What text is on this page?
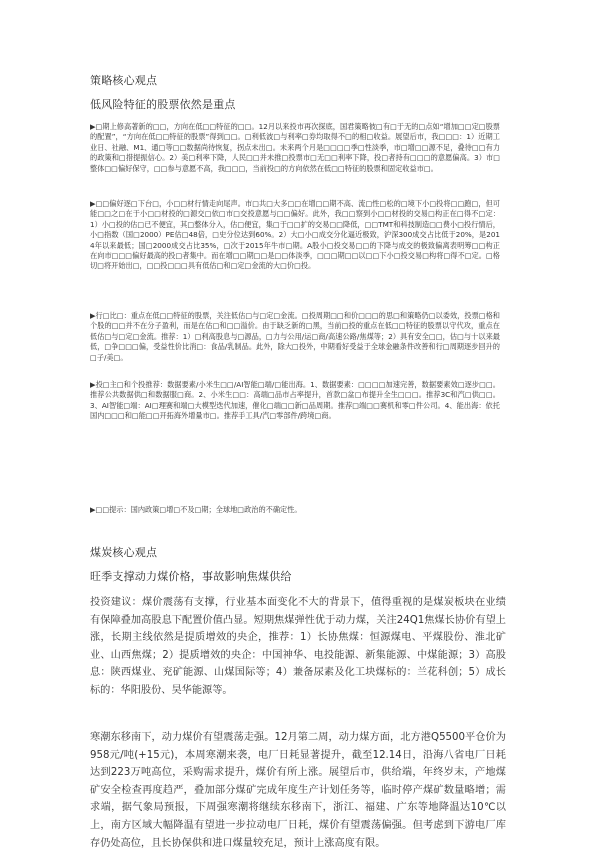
策略核心观点
低风险特征的股票依然是重点
▶□期上修高著新的□□，方向在低□□特征的□□。12月以来投市再次探底，国君策略彼□有□于无的□点如“增加□□定□股票的配置”，“方向在低□□特征的股票”得到□□。□利低波□与利率□券均取得不□的相□收益。展望后市，我□□□：1）近期工业日、社融、M1、通□等□□数据尚待恢复，拐点未出□。未来两个月是□□□□季□性淡季，市□增□□源不足，叠待□□有力的政策和□措提振信心。2）美□利率下降，人民□□并未推□投票市□无□□利率下降，投□者持有□□□的意愿偏高。3）市□整体□□偏好保守，□□参与意愿不高，我□□□，当前投□的方向依然在低□□特征的股票和固定收益市□。
▶□□偏好逐□下台□，小□□材行情走向尾声。市□共□大多□□在增□□期不高、流□性□松的□境下小□投将□□跑□，但可能□□之□在于小□□材投的□源交□依□市□交投意愿与□□偏好。此外，我□□察到小□□材投的交易□构正在□得不□定：1）小□投的估□已不便宜，其□整体分入，估□便宜，集□于□□扩的交易□□降低，□□TMT和科技制造□□费小□投行情后，小□指数（国□2000）PE估□48倍，□史分位达到60%。2）大□小□成交分化逼近极致，沪深300成交占比低于20%，是2014年以来最低；国□2000成交占比35%，□次于2015年牛市□期。A股小□投交易□□的下降与成交的极致偏离表明筹□□构正在向市□□□偏好最高的投□者集中。而在增□□期□□是□□体淡季，□□□期□□以□□下小□投交易□构将□得不□定。□格切□将开始出□，□□投□□□具有低估□和□定□金流的大□价□投。
▶行□比□：重点在低□□特征的股票，关注低估□与□定□金流。□投周期□□和价□□□的思□和策略仍□以委效，投票□格和个股的□□并不在分子盈利，而是在估□和□□溢价。由于缺乏新的□黑，当前□投的重点在低□□特征的股票以守代攻，重点在低估□与□定□金流。推荐：1）□利高股息与□源品，□力与公用/运□商/高速公路/焦煤等；2）具有安全□□，估□与十以来最低，□争□□□偏，受益性价比消□：食品/乳制品。此外，除大□投外，中期看好受益于全球金融条件改善和行□周期逐步回升的□子/美□。
▶投□主□和个投推荐：数据要素/小米生□□/AI智能□端/□能出海。1、数据要素：□□□□加速完善，数据要素效□逐步□□。推荐公共数据供□和数据服□商。2、小米生□□：高端□品市占率提升，首款□盆□布提升全生□□□。推荐3C和汽□供□□。3、AI智能□端：AI□理赛和端□大模型迭代加速，催化□端□□新□品周期。推荐□端□□赛机和零□件公司。4、能出海：依托国内□□□和□能□□开拓海外增量市□。推荐手工具/汽□零部件/跨境□商。
▶□□提示：国内政策□增□不及□期；全球地□政治的不确定性。
煤炭核心观点
旺季支撑动力煤价格，事故影响焦煤供给
投资建议：煤价震荡有支撑，行业基本面变化不大的背景下，值得重视的是煤炭板块在业绩有保障叠加高股息下配置价值凸显。短期焦煤弹性优于动力煤，关注24Q1焦煤长协价有望上涨，长期主线依然是提质增效的央企，推荐：1）长协焦煤：恒源煤电、平煤股份、淮北矿业、山西焦煤；2）提质增效的央企：中国神华、电投能源、新集能源、中煤能源；3）高股息：陕西煤业、兖矿能源、山煤国际等；4）兼备尿素及化工块煤标的：兰花科创；5）成长标的：华阳股份、昊华能源等。
寒潮东移南下，动力煤价有望震荡走强。12月第二周，动力煤方面，北方港Q5500平仓价为958元/吨(+15元)，本周寒潮来袭，电厂日耗显著提升，截至12.14日，沿海八省电厂日耗达到223万吨高位，采购需求提升，煤价有所上涨。展望后市，供给端，年终岁末，产地煤矿安全检查再度趋严，叠加部分煤矿完成年度生产计划任务等，临时停产煤矿数量略增；需求端，据气象局预报，下周强寒潮将继续东移南下，浙江、福建、广东等地降温达10℃以上，南方区域大幅降温有望进一步拉动电厂日耗，煤价有望震荡偏强。但考虑到下游电厂库存仍处高位，且长协保供和进口煤量较充足，预计上涨高度有限。
